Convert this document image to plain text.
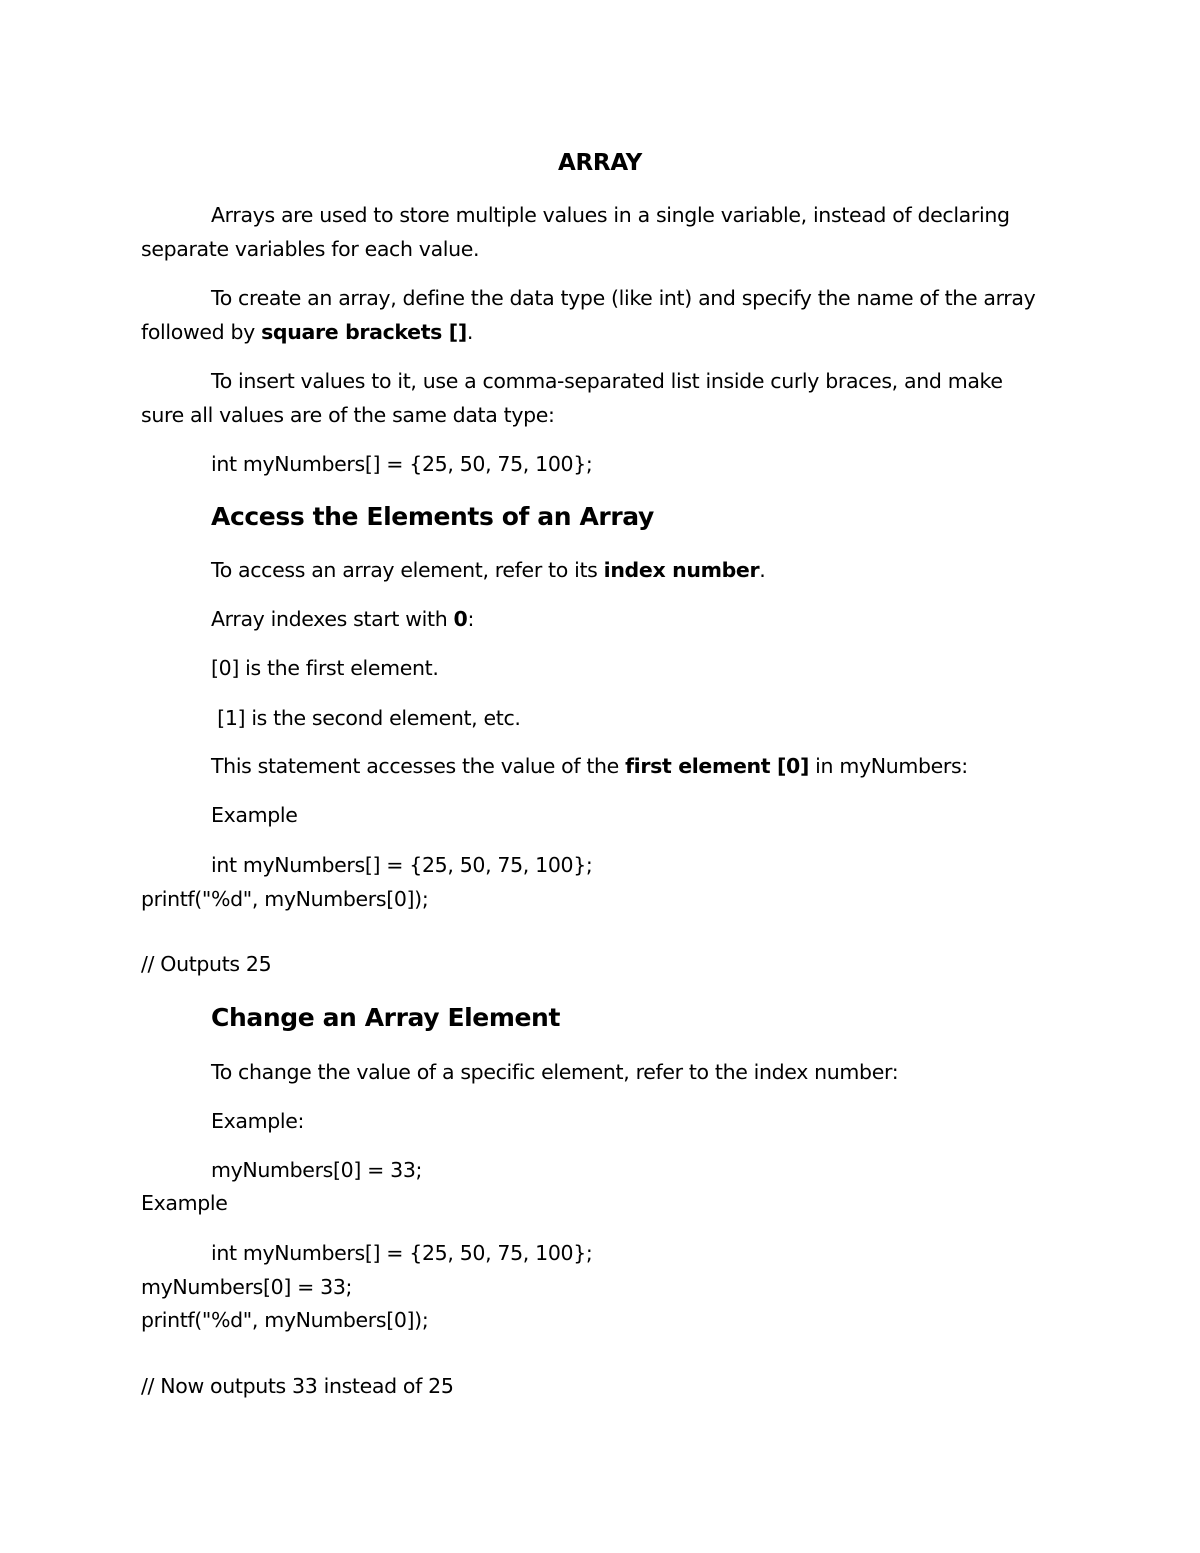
ARRAY
Arrays are used to store multiple values in a single variable, instead of declaring
separate variables for each value.
To create an array, define the data type (like int) and specify the name of the array
followed by square brackets [].
To insert values to it, use a comma-separated list inside curly braces, and make
sure all values are of the same data type:
int myNumbers[] = {25, 50, 75, 100};
Access the Elements of an Array
To access an array element, refer to its index number.
Array indexes start with 0:
[0] is the first element.
[1] is the second element, etc.
This statement accesses the value of the first element [0] in myNumbers:
Example
int myNumbers[] = {25, 50, 75, 100};
printf("%d", myNumbers[0]);
// Outputs 25
Change an Array Element
To change the value of a specific element, refer to the index number:
Example:
myNumbers[0] = 33;
Example
int myNumbers[] = {25, 50, 75, 100};
myNumbers[0] = 33;
printf("%d", myNumbers[0]);
// Now outputs 33 instead of 25
